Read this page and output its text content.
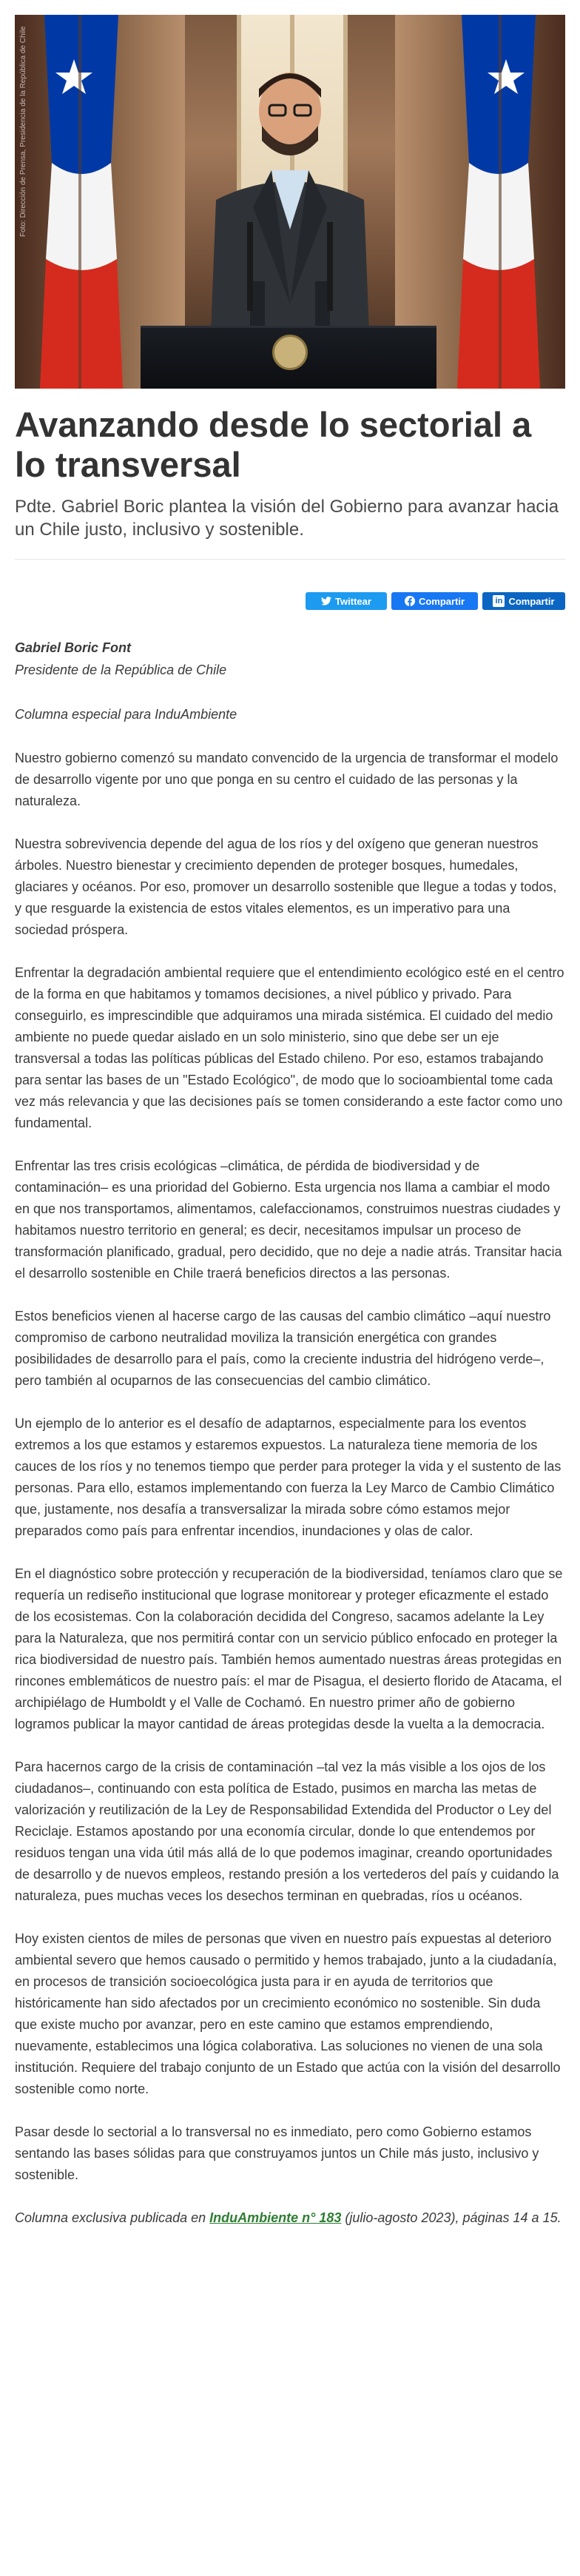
Foto: Dirección de Prensa, Presidencia de la República de Chile
Avanzando desde lo sectorial a lo transversal

Pdte. Gabriel Boric plantea la visión del Gobierno para avanzar hacia un Chile justo, inclusivo y sostenible.

Twittear	Compartir	in Compartir
Gabriel Boric Font
Presidente de la República de Chile
Columna especial para InduAmbiente

Nuestro gobierno comenzó su mandato convencido de la urgencia de transformar el modelo de desarrollo vigente por uno que ponga en su centro el cuidado de las personas y la naturaleza.

Nuestra sobrevivencia depende del agua de los ríos y del oxígeno que generan nuestros árboles. Nuestro bienestar y crecimiento dependen de proteger bosques, humedales, glaciares y océanos. Por eso, promover un desarrollo sostenible que llegue a todas y todos, y que resguarde la existencia de estos vitales elementos, es un imperativo para una sociedad próspera.

Enfrentar la degradación ambiental requiere que el entendimiento ecológico esté en el centro de la forma en que habitamos y tomamos decisiones, a nivel público y privado. Para conseguirlo, es imprescindible que adquiramos una mirada sistémica. El cuidado del medio ambiente no puede quedar aislado en un solo ministerio, sino que debe ser un eje transversal a todas las políticas públicas del Estado chileno. Por eso, estamos trabajando para sentar las bases de un "Estado Ecológico", de modo que lo socioambiental tome cada vez más relevancia y que las decisiones país se tomen considerando a este factor como uno fundamental.

Enfrentar las tres crisis ecológicas –climática, de pérdida de biodiversidad y de contaminación– es una prioridad del Gobierno. Esta urgencia nos llama a cambiar el modo en que nos transportamos, alimentamos, calefaccionamos, construimos nuestras ciudades y habitamos nuestro territorio en general; es decir, necesitamos impulsar un proceso de transformación planificado, gradual, pero decidido, que no deje a nadie atrás. Transitar hacia el desarrollo sostenible en Chile traerá beneficios directos a las personas.

Estos beneficios vienen al hacerse cargo de las causas del cambio climático –aquí nuestro compromiso de carbono neutralidad moviliza la transición energética con grandes posibilidades de desarrollo para el país, como la creciente industria del hidrógeno verde–, pero también al ocuparnos de las consecuencias del cambio climático.

Un ejemplo de lo anterior es el desafío de adaptarnos, especialmente para los eventos extremos a los que estamos y estaremos expuestos. La naturaleza tiene memoria de los cauces de los ríos y no tenemos tiempo que perder para proteger la vida y el sustento de las personas. Para ello, estamos implementando con fuerza la Ley Marco de Cambio Climático que, justamente, nos desafía a transversalizar la mirada sobre cómo estamos mejor preparados como país para enfrentar incendios, inundaciones y olas de calor.

En el diagnóstico sobre protección y recuperación de la biodiversidad, teníamos claro que se requería un rediseño institucional que lograse monitorear y proteger eficazmente el estado de los ecosistemas. Con la colaboración decidida del Congreso, sacamos adelante la Ley para la Naturaleza, que nos permitirá contar con un servicio público enfocado en proteger la rica biodiversidad de nuestro país. También hemos aumentado nuestras áreas protegidas en rincones emblemáticos de nuestro país: el mar de Pisagua, el desierto florido de Atacama, el archipiélago de Humboldt y el Valle de Cochamó. En nuestro primer año de gobierno logramos publicar la mayor cantidad de áreas protegidas desde la vuelta a la democracia.

Para hacernos cargo de la crisis de contaminación –tal vez la más visible a los ojos de los ciudadanos–, continuando con esta política de Estado, pusimos en marcha las metas de valorización y reutilización de la Ley de Responsabilidad Extendida del Productor o Ley del Reciclaje. Estamos apostando por una economía circular, donde lo que entendemos por residuos tengan una vida útil más allá de lo que podemos imaginar, creando oportunidades de desarrollo y de nuevos empleos, restando presión a los vertederos del país y cuidando la naturaleza, pues muchas veces los desechos terminan en quebradas, ríos u océanos.

Hoy existen cientos de miles de personas que viven en nuestro país expuestas al deterioro ambiental severo que hemos causado o permitido y hemos trabajado, junto a la ciudadanía, en procesos de transición socioecológica justa para ir en ayuda de territorios que históricamente han sido afectados por un crecimiento económico no sostenible. Sin duda que existe mucho por avanzar, pero en este camino que estamos emprendiendo, nuevamente, establecimos una lógica colaborativa. Las soluciones no vienen de una sola institución. Requiere del trabajo conjunto de un Estado que actúa con la visión del desarrollo sostenible como norte.

Pasar desde lo sectorial a lo transversal no es inmediato, pero como Gobierno estamos sentando las bases sólidas para que construyamos juntos un Chile más justo, inclusivo y sostenible.

Columna exclusiva publicada en InduAmbiente n° 183 (julio-agosto 2023), páginas 14 a 15.
